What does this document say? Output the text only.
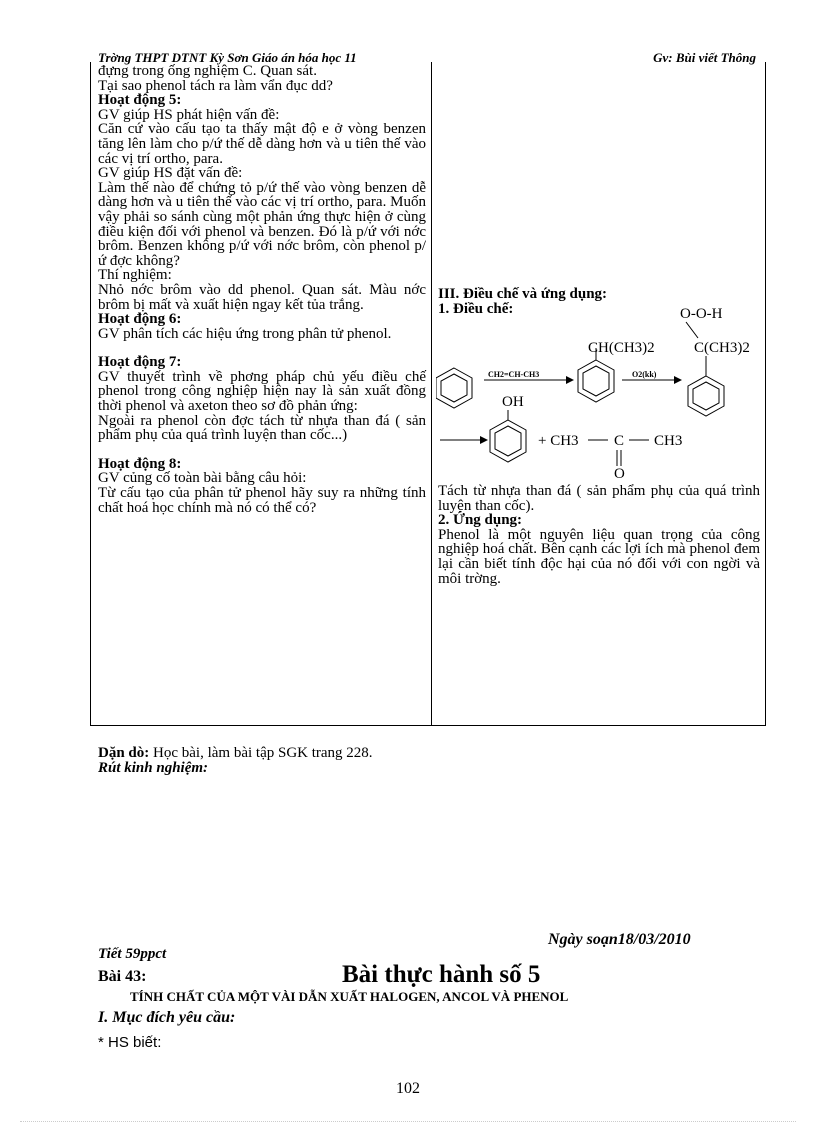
Trờng THPT DTNT Kỳ Sơn Giáo án hóa học 11	Gv: Bùi viết Thông

đựng trong ống nghiệm C. Quan sát.

Tại sao phenol tách ra làm vẩn đục dd?

Hoạt động 5:

GV giúp HS phát hiện vấn đề:

Căn cứ vào cấu tạo ta thấy mật độ e ở vòng benzen tăng lên làm cho p/ứ thế dễ dàng hơn và u tiên thế vào các vị trí ortho, para.

GV giúp HS đặt vấn đề:

Làm thế nào để chứng tỏ p/ứ thế vào vòng benzen dễ dàng hơn và u tiên thế vào các vị trí ortho, para. Muốn vậy phải so sánh cùng một phản ứng thực hiện ở cùng điều kiện đối với phenol và benzen. Đó là p/ứ với nớc brôm. Benzen không p/ứ với nớc brôm, còn phenol p/ứ đợc không?

Thí nghiệm:

Nhỏ nớc brôm vào dd phenol. Quan sát. Màu nớc brôm bị mất và xuất hiện ngay kết tủa trắng.

Hoạt động 6:

GV phân tích các hiệu ứng trong phân tử phenol.

Hoạt động 7:

GV thuyết trình về phơng pháp chủ yếu điều chế phenol trong công nghiệp hiện nay là sản xuất đồng thời phenol và axeton theo sơ đồ phản ứng:

Ngoài ra phenol còn đợc tách từ nhựa than đá ( sản phẩm phụ của quá trình luyện than cốc...)

Hoạt động 8:

GV củng cố toàn bài bằng câu hỏi:

Từ cấu tạo của phân tử phenol hãy suy ra những tính chất hoá học chính mà nó có thể có?

III. Điều chế và ứng dụng:

1. Điều chế:

CH2=CH-CH3
CH(CH3)2
O2(kk)
O-O-H
C(CH3)2
OH
+ CH3 C CH3
O

Tách từ nhựa than đá ( sản phẩm phụ của quá trình luyện than cốc).

2. Ứng dụng:

Phenol là một nguyên liệu quan trọng của công nghiệp hoá chất. Bên cạnh các lợi ích mà phenol đem lại cần biết tính độc hại của nó đối với con ngời và môi trờng.

Dặn dò: Học bài, làm bài tập SGK trang 228.
Rút kinh nghiệm:
Ngày soạn18/03/2010
Tiết 59ppct
Bài 43:	Bài thực hành số 5
TÍNH CHẤT CỦA MỘT VÀI DẪN XUẤT HALOGEN, ANCOL VÀ PHENOL
I. Mục đích yêu cầu:
* HS biết:
102
